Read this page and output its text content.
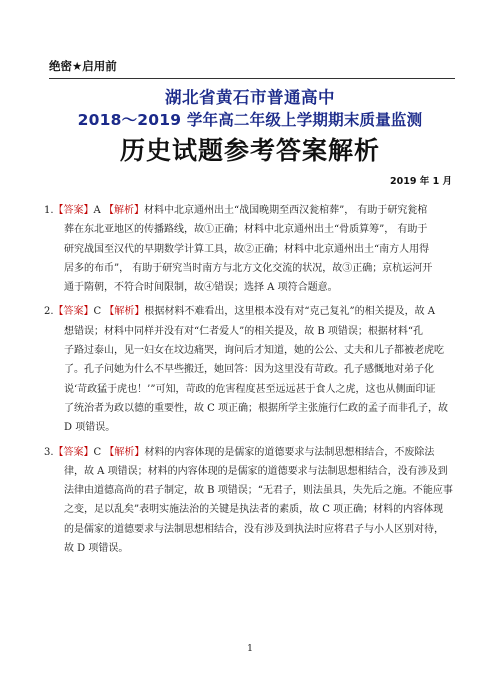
绝密★启用前
湖北省黄石市普通高中
2018～2019 学年高二年级上学期期末质量监测
历史试题参考答案解析
2019 年 1 月
1.【答案】A 【解析】材料中北京通州出土“战国晚期至西汉瓮棺葬”， 有助于研究瓮棺
葬在东北亚地区的传播路线，故①正确；材料中北京通州出土“骨质算筹”， 有助于
研究战国至汉代的早期数学计算工具，故②正确；材料中北京通州出土“南方人用得
居多的布币”， 有助于研究当时南方与北方文化交流的状况，故③正确；京杭运河开
通于隋朝，不符合时间限制，故④错误；选择 A 项符合题意。
2.【答案】C 【解析】根据材料不难看出，这里根本没有对“克己复礼”的相关提及，故 A
想错误；材料中同样并没有对“仁者爱人”的相关提及，故 B 项错误；根据材料“孔
子路过泰山，见一妇女在坟边痛哭，询问后才知道，她的公公、丈夫和儿子都被老虎吃
了。孔子问她为什么不早些搬迁，她回答：因为这里没有苛政。孔子感慨地对弟子化
说‘苛政猛于虎也！’”可知，苛政的危害程度甚至远远甚于食人之虎，这也从侧面印证
了统治者为政以德的重要性，故 C 项正确；根据所学主张施行仁政的孟子而非孔子，故
D 项错误。
3.【答案】C 【解析】材料的内容体现的是儒家的道德要求与法制思想相结合，不废除法
律，故 A 项错误；材料的内容体现的是儒家的道德要求与法制思想相结合，没有涉及到
法律由道德高尚的君子制定，故 B 项错误；“无君子，则法虽具，失先后之施。不能应事
之变，足以乱矣”表明实施法治的关键是执法者的素质，故 C 项正确；材料的内容体现
的是儒家的道德要求与法制思想相结合，没有涉及到执法时应将君子与小人区别对待，
故 D 项错误。
1
